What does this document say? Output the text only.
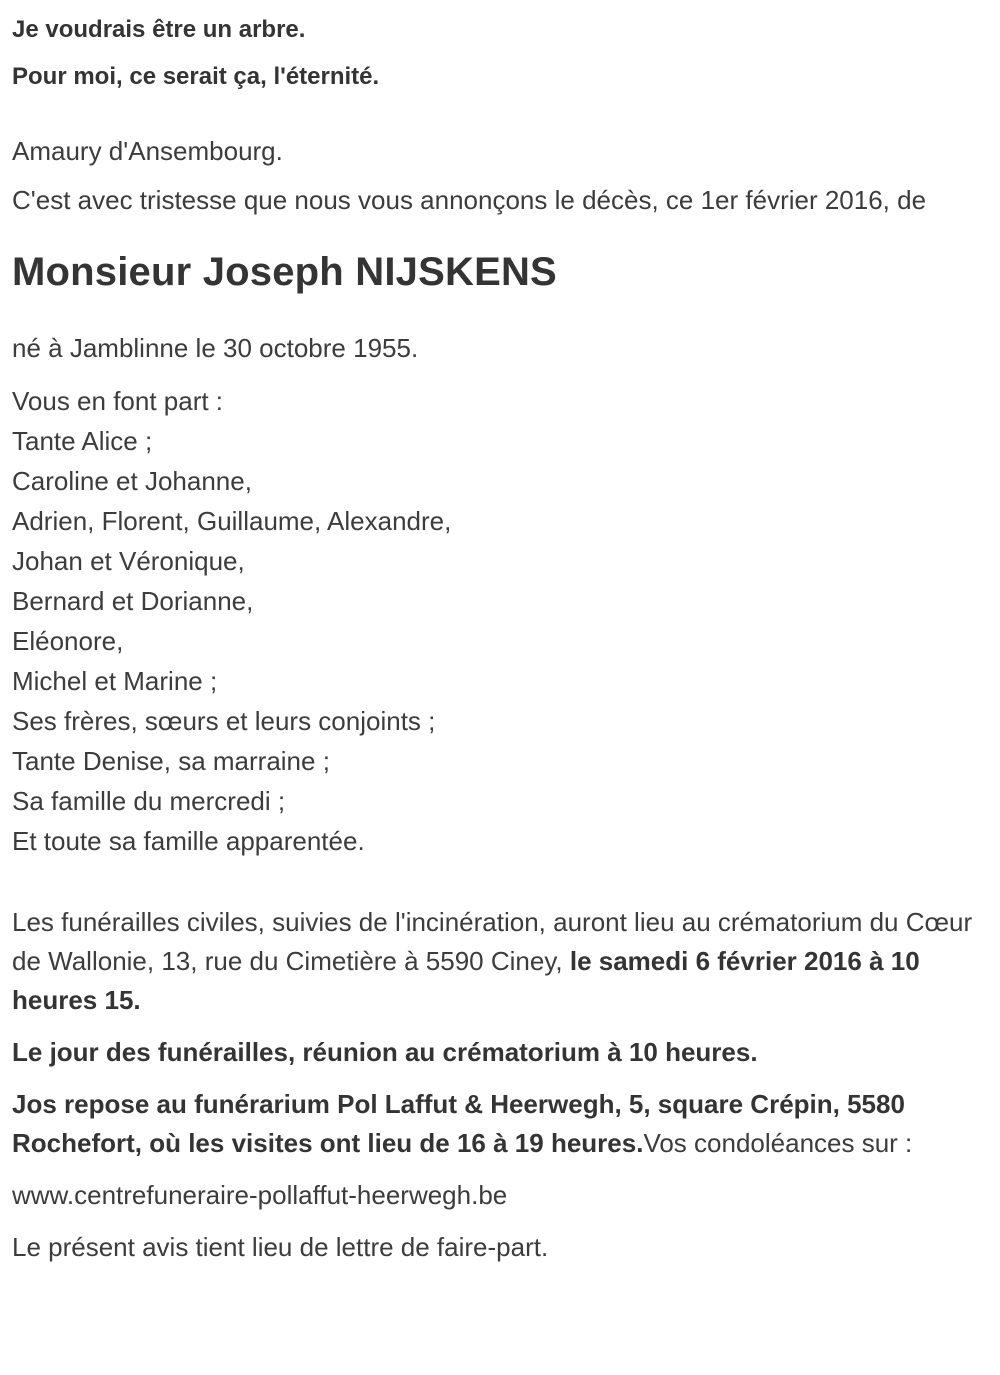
Je voudrais être un arbre.

Pour moi, ce serait ça, l'éternité.

Amaury d'Ansembourg.

C'est avec tristesse que nous vous annonçons le décès, ce 1er février 2016, de

Monsieur Joseph NIJSKENS

né à Jamblinne le 30 octobre 1955.

Vous en font part :
Tante Alice ;
Caroline et Johanne,
Adrien, Florent, Guillaume, Alexandre,
Johan et Véronique,
Bernard et Dorianne,
Eléonore,
Michel et Marine ;
Ses frères, sœurs et leurs conjoints ;
Tante Denise, sa marraine ;
Sa famille du mercredi ;
Et toute sa famille apparentée.

Les funérailles civiles, suivies de l'incinération, auront lieu au crématorium du Cœur de Wallonie, 13, rue du Cimetière à 5590 Ciney, le samedi 6 février 2016 à 10 heures 15.

Le jour des funérailles, réunion au crématorium à 10 heures.

Jos repose au funérarium Pol Laffut & Heerwegh, 5, square Crépin, 5580 Rochefort, où les visites ont lieu de 16 à 19 heures.Vos condoléances sur :

www.centrefuneraire-pollaffut-heerwegh.be

Le présent avis tient lieu de lettre de faire-part.
